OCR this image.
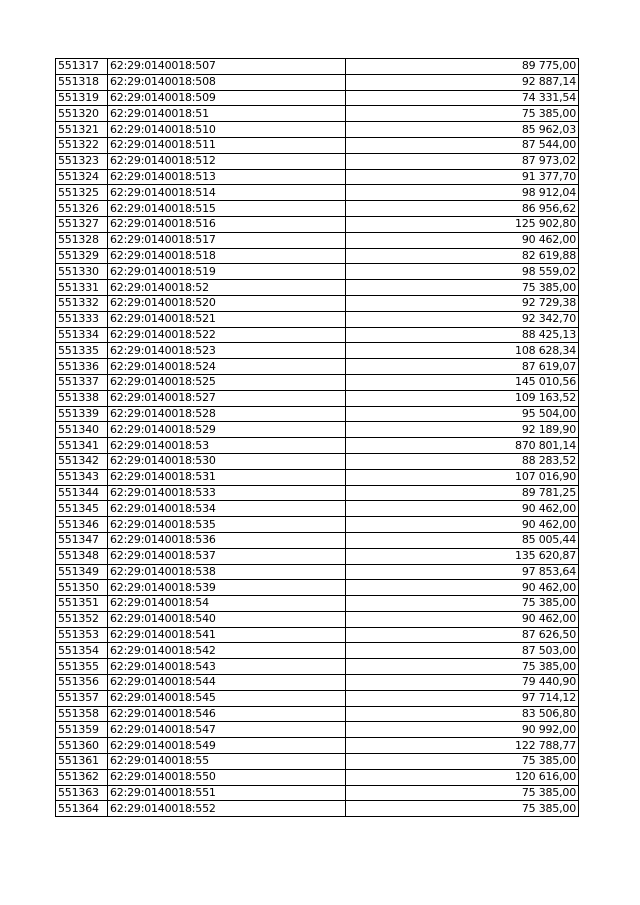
551317	62:29:0140018:507	89 775,00
551318	62:29:0140018:508	92 887,14
551319	62:29:0140018:509	74 331,54
551320	62:29:0140018:51	75 385,00
551321	62:29:0140018:510	85 962,03
551322	62:29:0140018:511	87 544,00
551323	62:29:0140018:512	87 973,02
551324	62:29:0140018:513	91 377,70
551325	62:29:0140018:514	98 912,04
551326	62:29:0140018:515	86 956,62
551327	62:29:0140018:516	125 902,80
551328	62:29:0140018:517	90 462,00
551329	62:29:0140018:518	82 619,88
551330	62:29:0140018:519	98 559,02
551331	62:29:0140018:52	75 385,00
551332	62:29:0140018:520	92 729,38
551333	62:29:0140018:521	92 342,70
551334	62:29:0140018:522	88 425,13
551335	62:29:0140018:523	108 628,34
551336	62:29:0140018:524	87 619,07
551337	62:29:0140018:525	145 010,56
551338	62:29:0140018:527	109 163,52
551339	62:29:0140018:528	95 504,00
551340	62:29:0140018:529	92 189,90
551341	62:29:0140018:53	870 801,14
551342	62:29:0140018:530	88 283,52
551343	62:29:0140018:531	107 016,90
551344	62:29:0140018:533	89 781,25
551345	62:29:0140018:534	90 462,00
551346	62:29:0140018:535	90 462,00
551347	62:29:0140018:536	85 005,44
551348	62:29:0140018:537	135 620,87
551349	62:29:0140018:538	97 853,64
551350	62:29:0140018:539	90 462,00
551351	62:29:0140018:54	75 385,00
551352	62:29:0140018:540	90 462,00
551353	62:29:0140018:541	87 626,50
551354	62:29:0140018:542	87 503,00
551355	62:29:0140018:543	75 385,00
551356	62:29:0140018:544	79 440,90
551357	62:29:0140018:545	97 714,12
551358	62:29:0140018:546	83 506,80
551359	62:29:0140018:547	90 992,00
551360	62:29:0140018:549	122 788,77
551361	62:29:0140018:55	75 385,00
551362	62:29:0140018:550	120 616,00
551363	62:29:0140018:551	75 385,00
551364	62:29:0140018:552	75 385,00
